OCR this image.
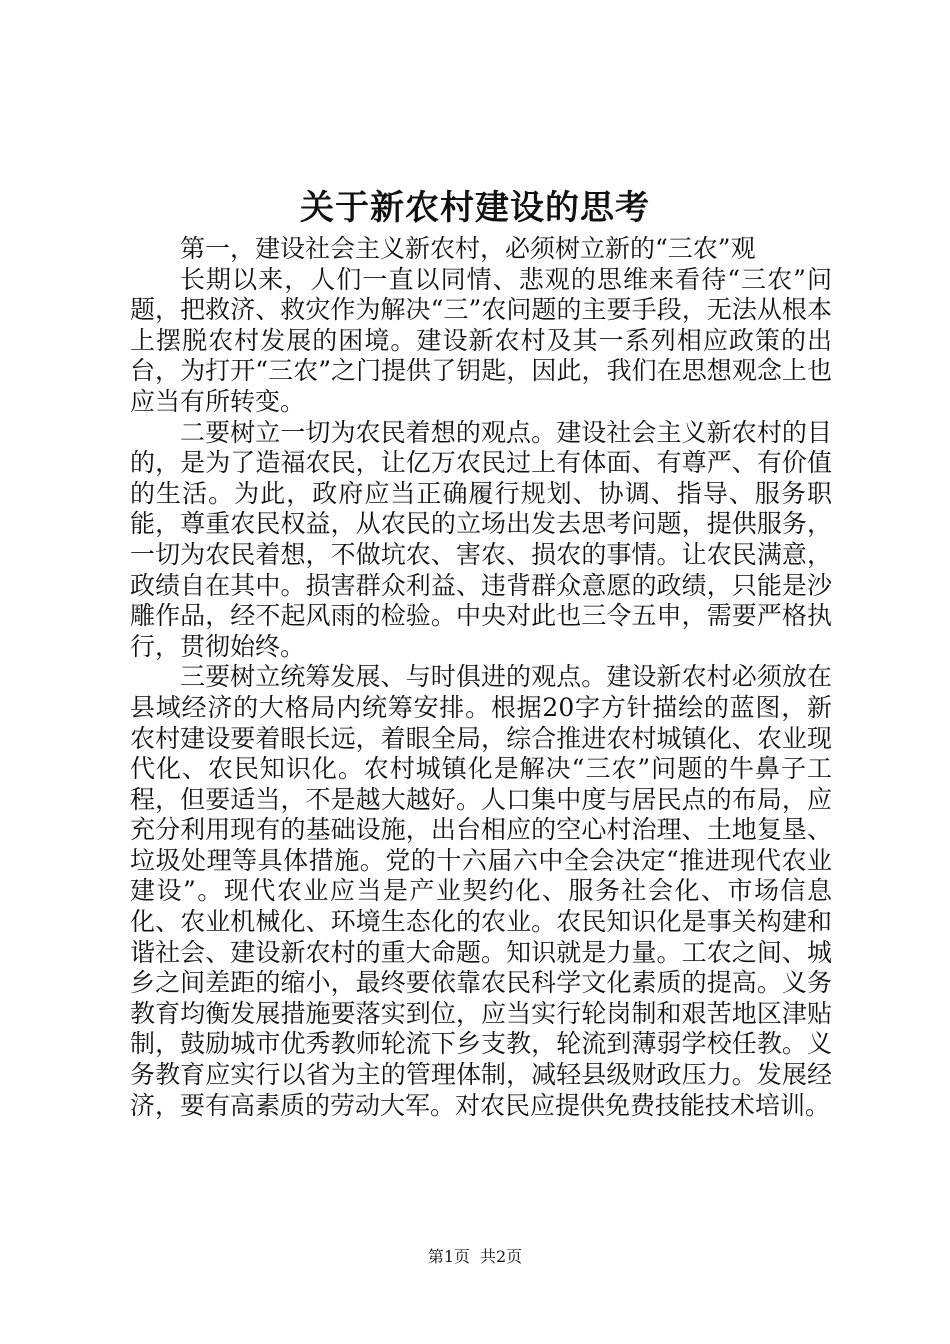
关于新农村建设的思考

第一，建设社会主义新农村，必须树立新的“三农”观

长期以来，人们一直以同情、悲观的思维来看待“三农”问题，把救济、救灾作为解决“三”农问题的主要手段，无法从根本上摆脱农村发展的困境。建设新农村及其一系列相应政策的出台，为打开“三农”之门提供了钥匙，因此，我们在思想观念上也应当有所转变。

二要树立一切为农民着想的观点。建设社会主义新农村的目的，是为了造福农民，让亿万农民过上有体面、有尊严、有价值的生活。为此，政府应当正确履行规划、协调、指导、服务职能，尊重农民权益，从农民的立场出发去思考问题，提供服务，一切为农民着想，不做坑农、害农、损农的事情。让农民满意，政绩自在其中。损害群众利益、违背群众意愿的政绩，只能是沙雕作品，经不起风雨的检验。中央对此也三令五申，需要严格执行，贯彻始终。

三要树立统筹发展、与时俱进的观点。建设新农村必须放在县域经济的大格局内统筹安排。根据20字方针描绘的蓝图，新农村建设要着眼长远，着眼全局，综合推进农村城镇化、农业现代化、农民知识化。农村城镇化是解决“三农”问题的牛鼻子工程，但要适当，不是越大越好。人口集中度与居民点的布局，应充分利用现有的基础设施，出台相应的空心村治理、土地复垦、垃圾处理等具体措施。党的十六届六中全会决定“推进现代农业建设”。现代农业应当是产业契约化、服务社会化、市场信息化、农业机械化、环境生态化的农业。农民知识化是事关构建和谐社会、建设新农村的重大命题。知识就是力量。工农之间、城乡之间差距的缩小，最终要依靠农民科学文化素质的提高。义务教育均衡发展措施要落实到位，应当实行轮岗制和艰苦地区津贴制，鼓励城市优秀教师轮流下乡支教，轮流到薄弱学校任教。义务教育应实行以省为主的管理体制，减轻县级财政压力。发展经济，要有高素质的劳动大军。对农民应提供免费技能技术培训。

第1页 共2页
